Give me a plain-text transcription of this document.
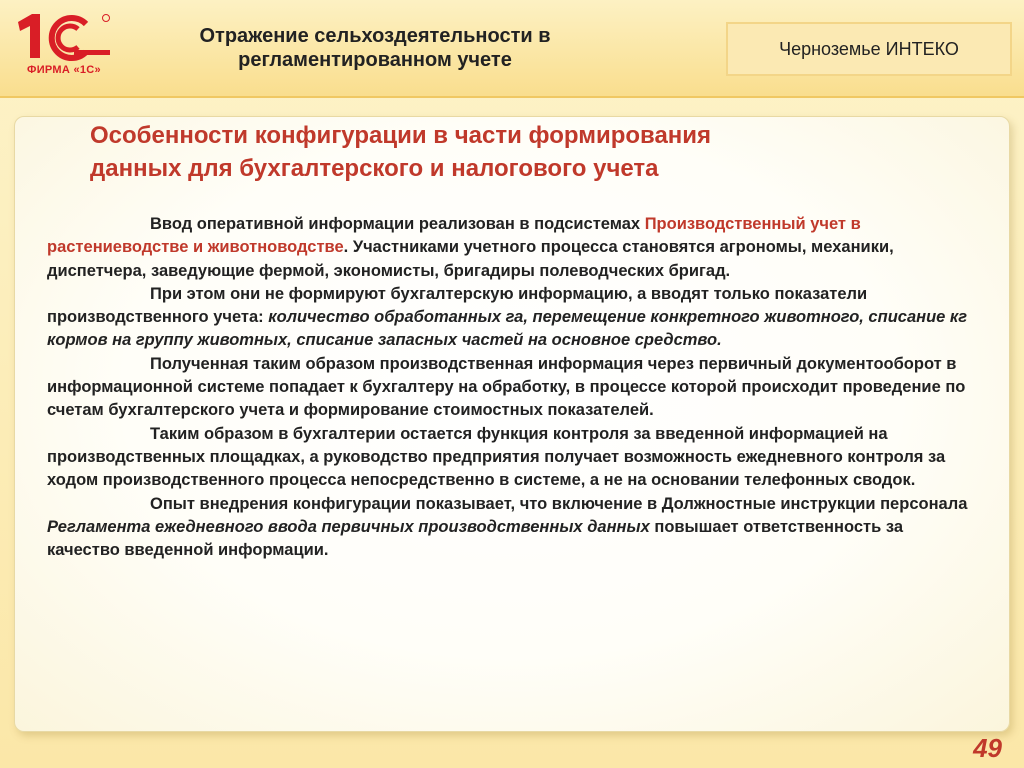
ФИРМА «1С»
Отражение сельхоздеятельности в
регламентированном учете
Черноземье ИНТЕКО
Особенности конфигурации в части формирования
данных для бухгалтерского и налогового учета

Ввод оперативной информации реализован в подсистемах Производственный учет в растениеводстве и животноводстве. Участниками учетного процесса становятся агрономы, механики, диспетчера, заведующие фермой, экономисты, бригадиры полеводческих бригад.

При этом они не формируют бухгалтерскую информацию, а вводят только показатели производственного учета: количество обработанных га, перемещение конкретного животного, списание кг кормов на группу животных, списание запасных частей на основное средство.

Полученная таким образом производственная информация через первичный документооборот в информационной системе попадает к бухгалтеру на обработку, в процессе которой происходит проведение по счетам бухгалтерского учета и формирование стоимостных показателей.

Таким образом в бухгалтерии остается функция контроля за введенной информацией на производственных площадках, а руководство предприятия получает возможность ежедневного контроля за ходом производственного процесса непосредственно в системе, а не на основании телефонных сводок.

Опыт внедрения конфигурации показывает, что включение в Должностные инструкции персонала Регламента ежедневного ввода первичных производственных данных повышает ответственность за качество введенной информации.

49
